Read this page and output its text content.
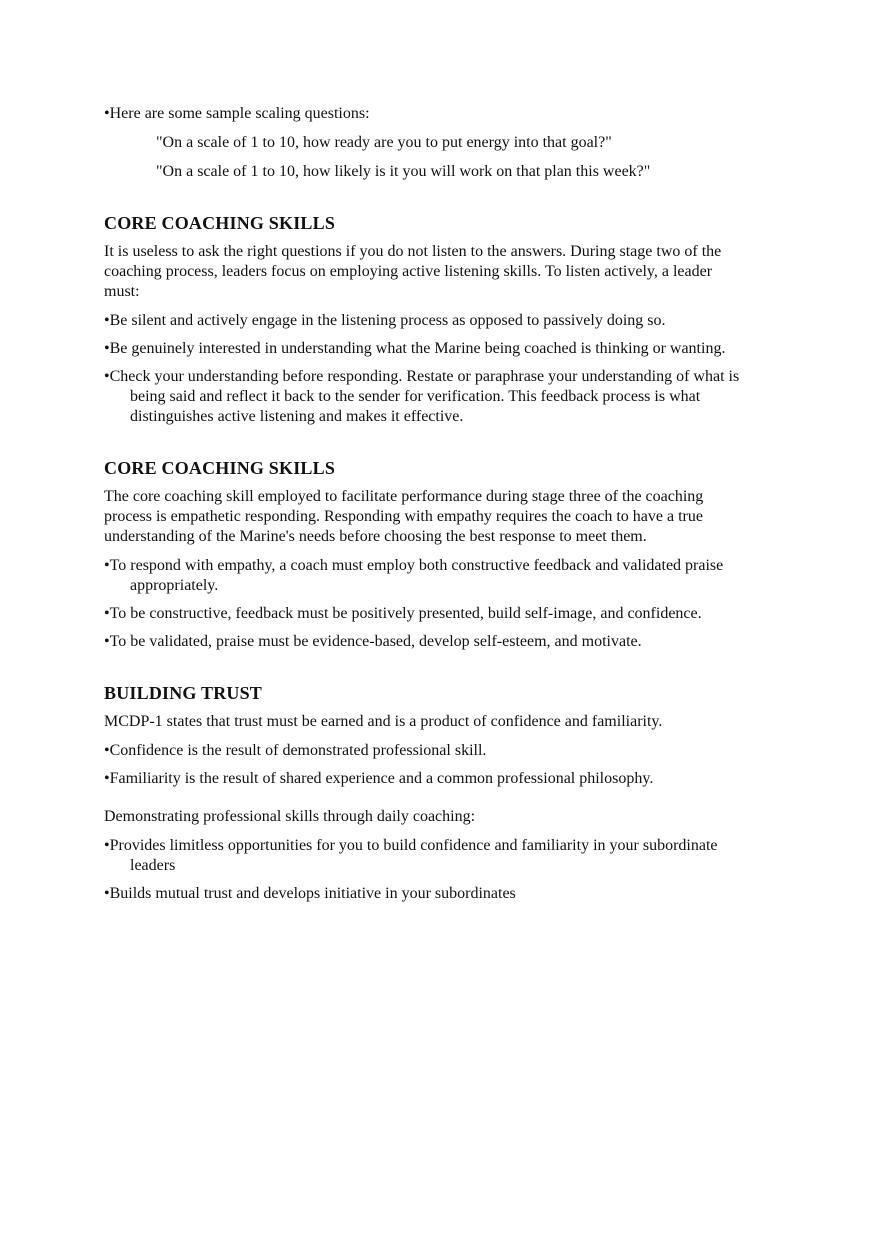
•Here are some sample scaling questions:

"On a scale of 1 to 10, how ready are you to put energy into that goal?"

"On a scale of 1 to 10, how likely is it you will work on that plan this week?"

CORE COACHING SKILLS

It is useless to ask the right questions if you do not listen to the answers. During stage two of the coaching process, leaders focus on employing active listening skills. To listen actively, a leader must:

•Be silent and actively engage in the listening process as opposed to passively doing so.

•Be genuinely interested in understanding what the Marine being coached is thinking or wanting.

•Check your understanding before responding. Restate or paraphrase your understanding of what is being said and reflect it back to the sender for verification. This feedback process is what distinguishes active listening and makes it effective.

CORE COACHING SKILLS

The core coaching skill employed to facilitate performance during stage three of the coaching process is empathetic responding. Responding with empathy requires the coach to have a true understanding of the Marine's needs before choosing the best response to meet them.

•To respond with empathy, a coach must employ both constructive feedback and validated praise appropriately.

•To be constructive, feedback must be positively presented, build self-image, and confidence.

•To be validated, praise must be evidence-based, develop self-esteem, and motivate.

BUILDING TRUST

MCDP-1 states that trust must be earned and is a product of confidence and familiarity.

•Confidence is the result of demonstrated professional skill.

•Familiarity is the result of shared experience and a common professional philosophy.

Demonstrating professional skills through daily coaching:

•Provides limitless opportunities for you to build confidence and familiarity in your subordinate leaders

•Builds mutual trust and develops initiative in your subordinates
